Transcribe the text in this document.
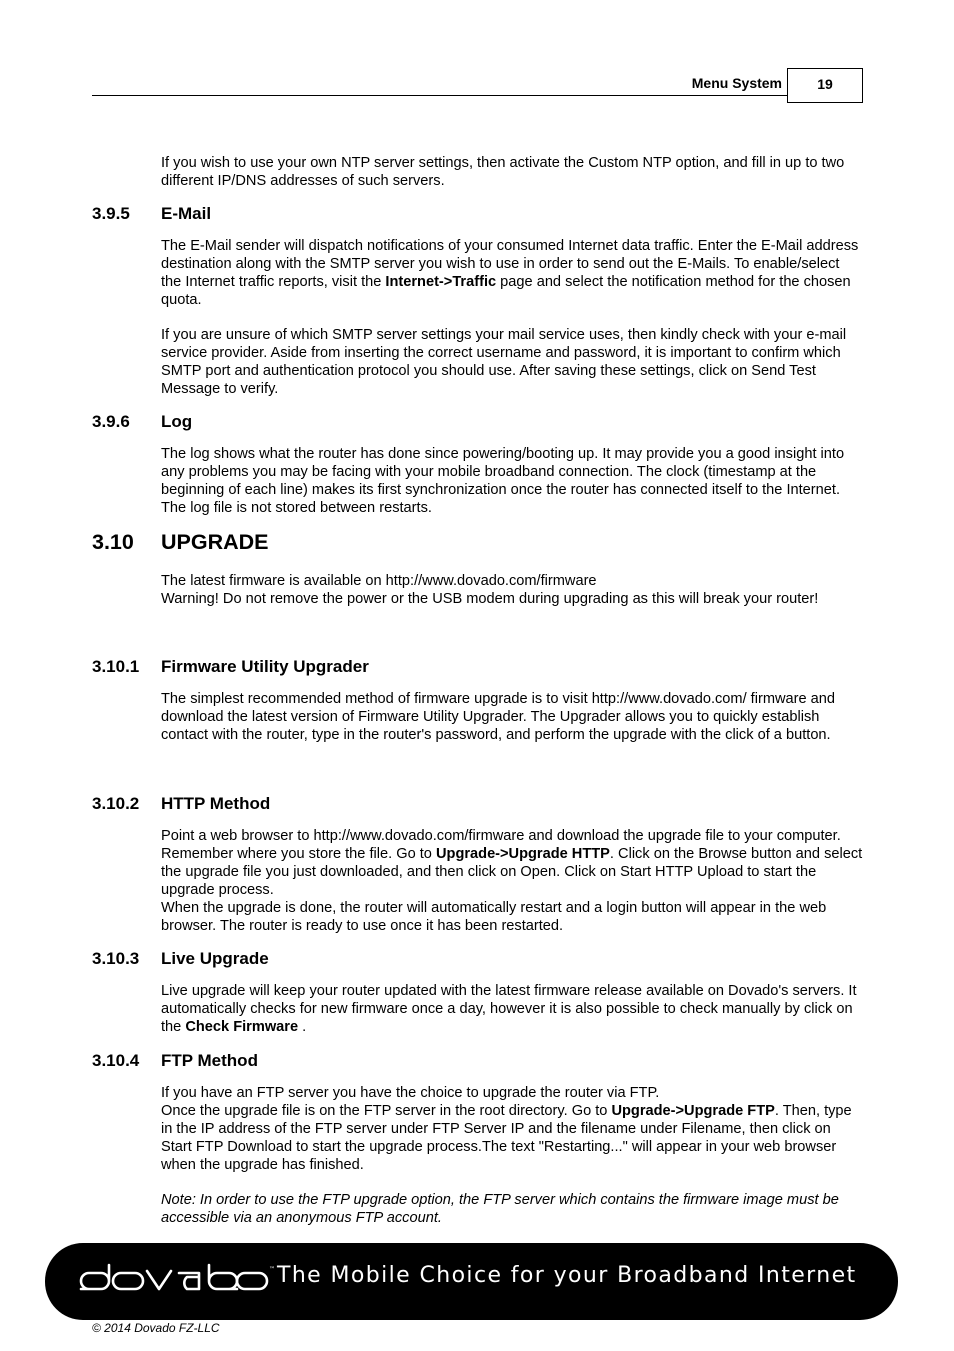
Menu System	19

If you wish to use your own NTP server settings, then activate the Custom NTP option, and fill in up to two different IP/DNS addresses of such servers.

3.9.5 E-Mail

The E-Mail sender will dispatch notifications of your consumed Internet data traffic. Enter the E-Mail address destination along with the SMTP server you wish to use in order to send out the E-Mails. To enable/select the Internet traffic reports, visit the Internet->Traffic page and select the notification method for the chosen quota.

If you are unsure of which SMTP server settings your mail service uses, then kindly check with your e-mail service provider. Aside from inserting the correct username and password, it is important to confirm which SMTP port and authentication protocol you should use. After saving these settings, click on Send Test Message to verify.

3.9.6 Log

The log shows what the router has done since powering/booting up. It may provide you a good insight into any problems you may be facing with your mobile broadband connection. The clock (timestamp at the beginning of each line) makes its first synchronization once the router has connected itself to the Internet. The log file is not stored between restarts.

3.10 UPGRADE

The latest firmware is available on http://www.dovado.com/firmware
Warning! Do not remove the power or the USB modem during upgrading as this will break your router!

3.10.1 Firmware Utility Upgrader

The simplest recommended method of firmware upgrade is to visit http://www.dovado.com/ firmware and download the latest version of Firmware Utility Upgrader. The Upgrader allows you to quickly establish contact with the router, type in the router's password, and perform the upgrade with the click of a button.

3.10.2 HTTP Method

Point a web browser to http://www.dovado.com/firmware and download the upgrade file to your computer. Remember where you store the file. Go to Upgrade->Upgrade HTTP. Click on the Browse button and select the upgrade file you just downloaded, and then click on Open. Click on Start HTTP Upload to start the upgrade process.
When the upgrade is done, the router will automatically restart and a login button will appear in the web browser. The router is ready to use once it has been restarted.

3.10.3 Live Upgrade

Live upgrade will keep your router updated with the latest firmware release available on Dovado's servers. It automatically checks for new firmware once a day, however it is also possible to check manually by click on the Check Firmware .

3.10.4 FTP Method

If you have an FTP server you have the choice to upgrade the router via FTP.
Once the upgrade file is on the FTP server in the root directory. Go to Upgrade->Upgrade FTP. Then, type in the IP address of the FTP server under FTP Server IP and the filename under Filename, then click on Start FTP Download to start the upgrade process.The text "Restarting..." will appear in your web browser when the upgrade has finished.

Note: In order to use the FTP upgrade option, the FTP server which contains the firmware image must be accessible via an anonymous FTP account.

™ The Mobile Choice for your Broadband Internet
© 2014 Dovado FZ-LLC
